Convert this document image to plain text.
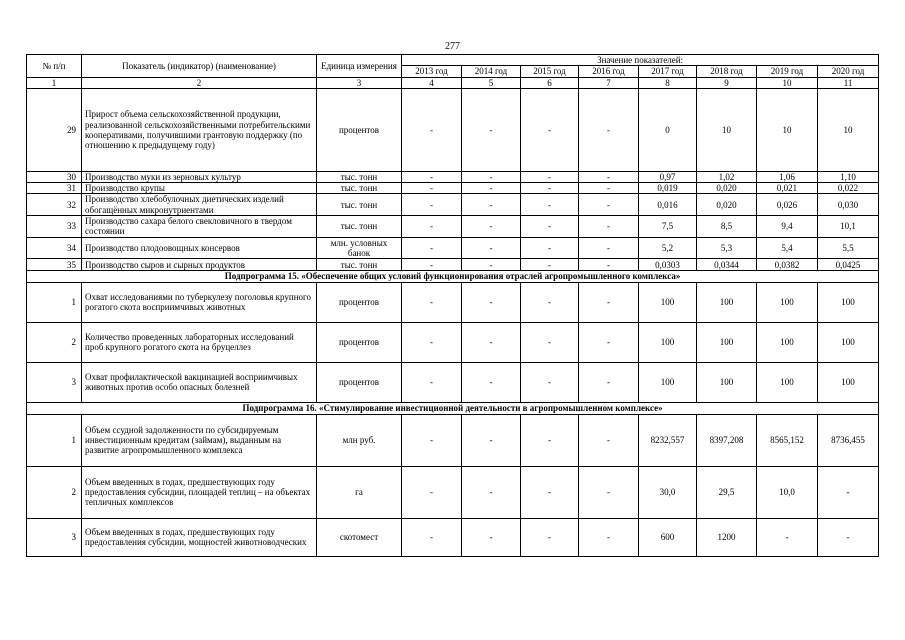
277
№ п/п	Показатель (индикатор) (наименование)	Единица измерения	Значение показателей:							
			2013 год	2014 год	2015 год	2016 год	2017 год	2018 год	2019 год	2020 год
1	2	3	4	5	6	7	8	9	10	11
29	Прирост объема сельскохозяйственной продукции, реализованной сельскохозяйственными потребительскими кооперативами, получившими грантовую поддержку (по отношению к предыдущему году)	процентов	-	-	-	-	0	10	10	10
30	Производство муки из зерновых культур	тыс. тонн	-	-	-	-	0,97	1,02	1,06	1,10
31	Производство крупы	тыс. тонн	-	-	-	-	0,019	0,020	0,021	0,022
32	Производство хлебобулочных диетических изделий обогащённых микронутриентами	тыс. тонн	-	-	-	-	0,016	0,020	0,026	0,030
33	Производство сахара белого свекловичного в твердом состоянии	тыс. тонн	-	-	-	-	7,5	8,5	9,4	10,1
34	Производство плодоовощных консервов	млн. условных банок	-	-	-	-	5,2	5,3	5,4	5,5
35	Производство сыров и сырных продуктов	тыс. тонн	-	-	-	-	0,0303	0,0344	0,0382	0,0425
Подпрограмма 15. «Обеспечение общих условий функционирования отраслей агропромышленного комплекса»										
1	Охват исследованиями по туберкулезу поголовья крупного рогатого скота восприимчивых животных	процентов	-	-	-	-	100	100	100	100
2	Количество проведенных лабораторных исследований проб крупного рогатого скота на бруцеллез	процентов	-	-	-	-	100	100	100	100
3	Охват профилактической вакцинацией восприимчивых животных против особо опасных болезней	процентов	-	-	-	-	100	100	100	100
Подпрограмма 16. «Стимулирование инвестиционной деятельности в агропромышленном комплексе»										
1	Объем ссудной задолженности по субсидируемым инвестиционным кредитам (займам), выданным на развитие агропромышленного комплекса	млн руб.	-	-	-	-	8232,557	8397,208	8565,152	8736,455
2	Объем введенных в годах, предшествующих году предоставления субсидии, площадей теплиц – на объектах тепличных комплексов	га	-	-	-	-	30,0	29,5	10,0	-
3	Объем введенных в годах, предшествующих году предоставления субсидии, мощностей животноводческих	скотомест	-	-	-	-	600	1200	-	-
